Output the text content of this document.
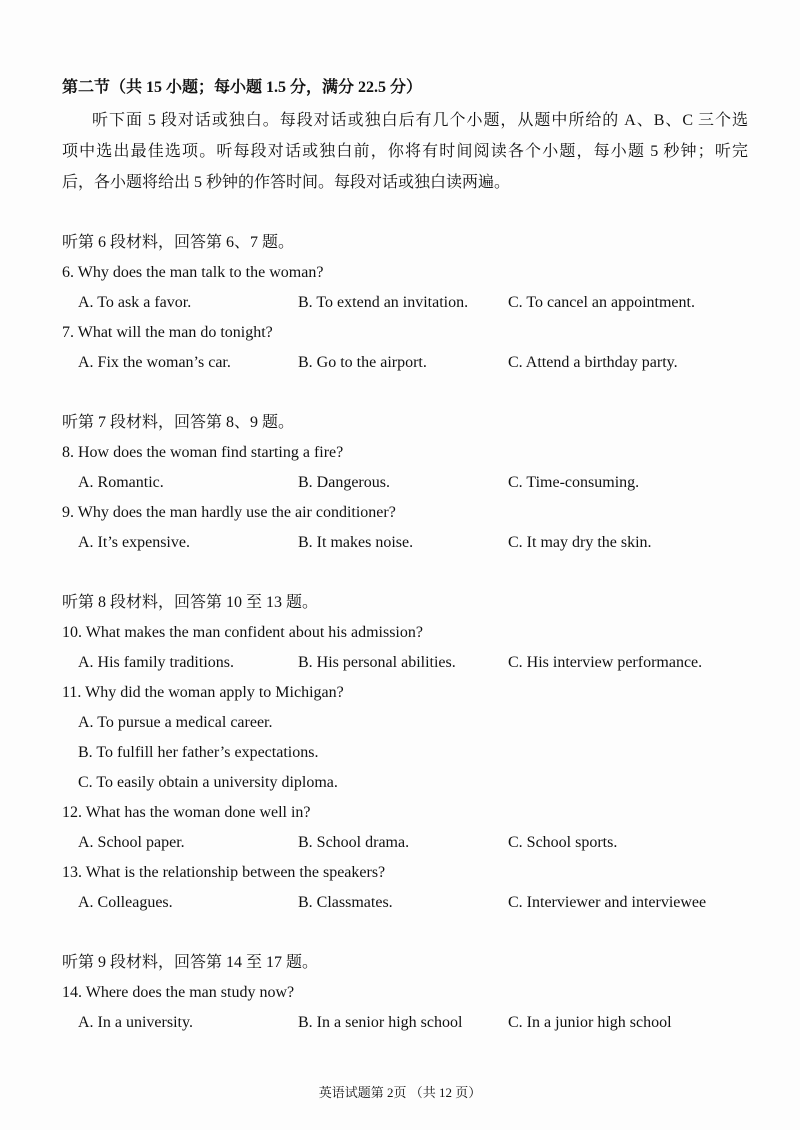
第二节（共 15 小题；每小题 1.5 分，满分 22.5 分）
听下面 5 段对话或独白。每段对话或独白后有几个小题，从题中所给的 A、B、C 三个选
项中选出最佳选项。听每段对话或独白前，你将有时间阅读各个小题，每小题 5 秒钟；听完
后，各小题将给出 5 秒钟的作答时间。每段对话或独白读两遍。
听第 6 段材料，回答第 6、7 题。
6. Why does the man talk to the woman?
A. To ask a favor.	B. To extend an invitation.	C. To cancel an appointment.
7. What will the man do tonight?
A. Fix the woman’s car.	B. Go to the airport.	C. Attend a birthday party.
听第 7 段材料，回答第 8、9 题。
8. How does the woman find starting a fire?
A. Romantic.	B. Dangerous.	C. Time-consuming.
9. Why does the man hardly use the air conditioner?
A. It’s expensive.	B. It makes noise.	C. It may dry the skin.
听第 8 段材料，回答第 10 至 13 题。
10. What makes the man confident about his admission?
A. His family traditions.	B. His personal abilities.	C. His interview performance.
11. Why did the woman apply to Michigan?
A. To pursue a medical career.
B. To fulfill her father’s expectations.
C. To easily obtain a university diploma.
12. What has the woman done well in?
A. School paper.	B. School drama.	C. School sports.
13. What is the relationship between the speakers?
A. Colleagues.	B. Classmates.	C. Interviewer and interviewee
听第 9 段材料，回答第 14 至 17 题。
14. Where does the man study now?
A. In a university.	B. In a senior high school	C. In a junior high school
英语试题第 2页 （共 12 页）
